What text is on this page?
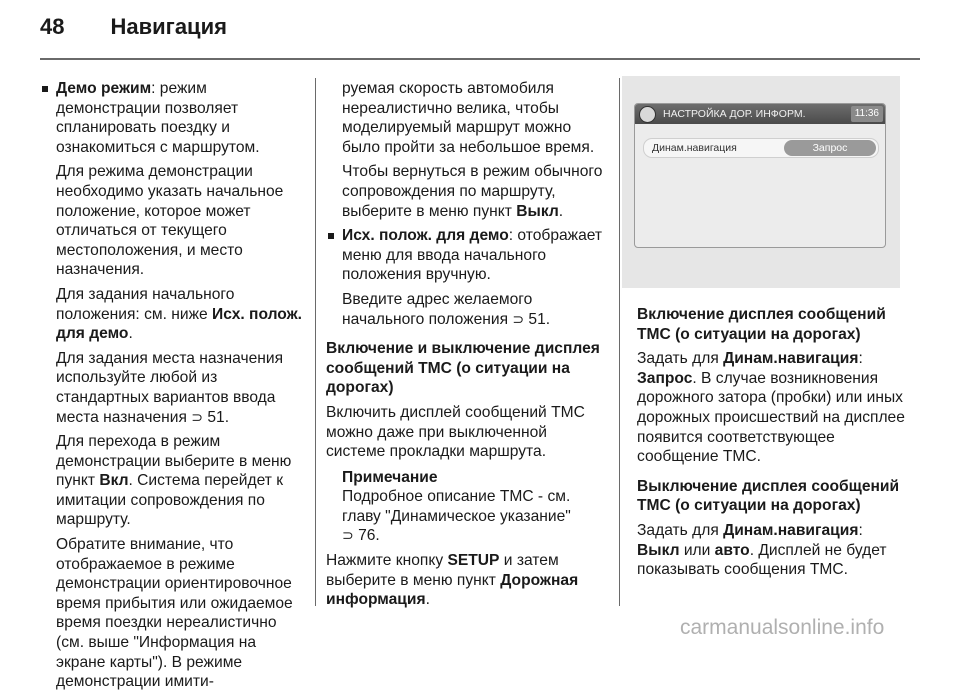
48 Навигация

Демо режим: режим демонстрации позволяет спланировать поездку и ознакомиться с маршрутом.

Для режима демонстрации необходимо указать начальное положение, которое может отличаться от текущего местоположения, и место назначения.

Для задания начального положения: см. ниже Исх. полож. для демо.

Для задания места назначения используйте любой из стандартных вариантов ввода места назначения ⊃ 51.

Для перехода в режим демонстрации выберите в меню пункт Вкл. Система перейдет к имитации сопровождения по маршруту.

Обратите внимание, что отображаемое в режиме демонстрации ориентировочное время прибытия или ожидаемое время поездки нереалистично (см. выше "Информация на экране карты"). В режиме демонстрации имити-

руемая скорость автомобиля нереалистично велика, чтобы моделируемый маршрут можно было пройти за небольшое время.

Чтобы вернуться в режим обычного сопровождения по маршруту, выберите в меню пункт Выкл.

Исх. полож. для демо: отображает меню для ввода начального положения вручную.

Введите адрес желаемого начального положения ⊃ 51.

Включение и выключение дисплея сообщений TMC (о ситуации на дорогах)

Включить дисплей сообщений TMC можно даже при выключенной системе прокладки маршрута.

Примечание

Подробное описание TMC - см. главу "Динамическое указание"
⊃ 76.

Нажмите кнопку SETUP и затем выберите в меню пункт Дорожная информация.

НАСТРОЙКА ДОР. ИНФОРМ.	11:36
Динам.навигация	Запрос

Включение дисплея сообщений TMC (о ситуации на дорогах)

Задать для Динам.навигация: Запрос. В случае возникновения дорожного затора (пробки) или иных дорожных происшествий на дисплее появится соответствующее сообщение TMC.

Выключение дисплея сообщений TMC (о ситуации на дорогах)

Задать для Динам.навигация: Выкл или авто. Дисплей не будет показывать сообщения TMC.

carmanualsonline.info
